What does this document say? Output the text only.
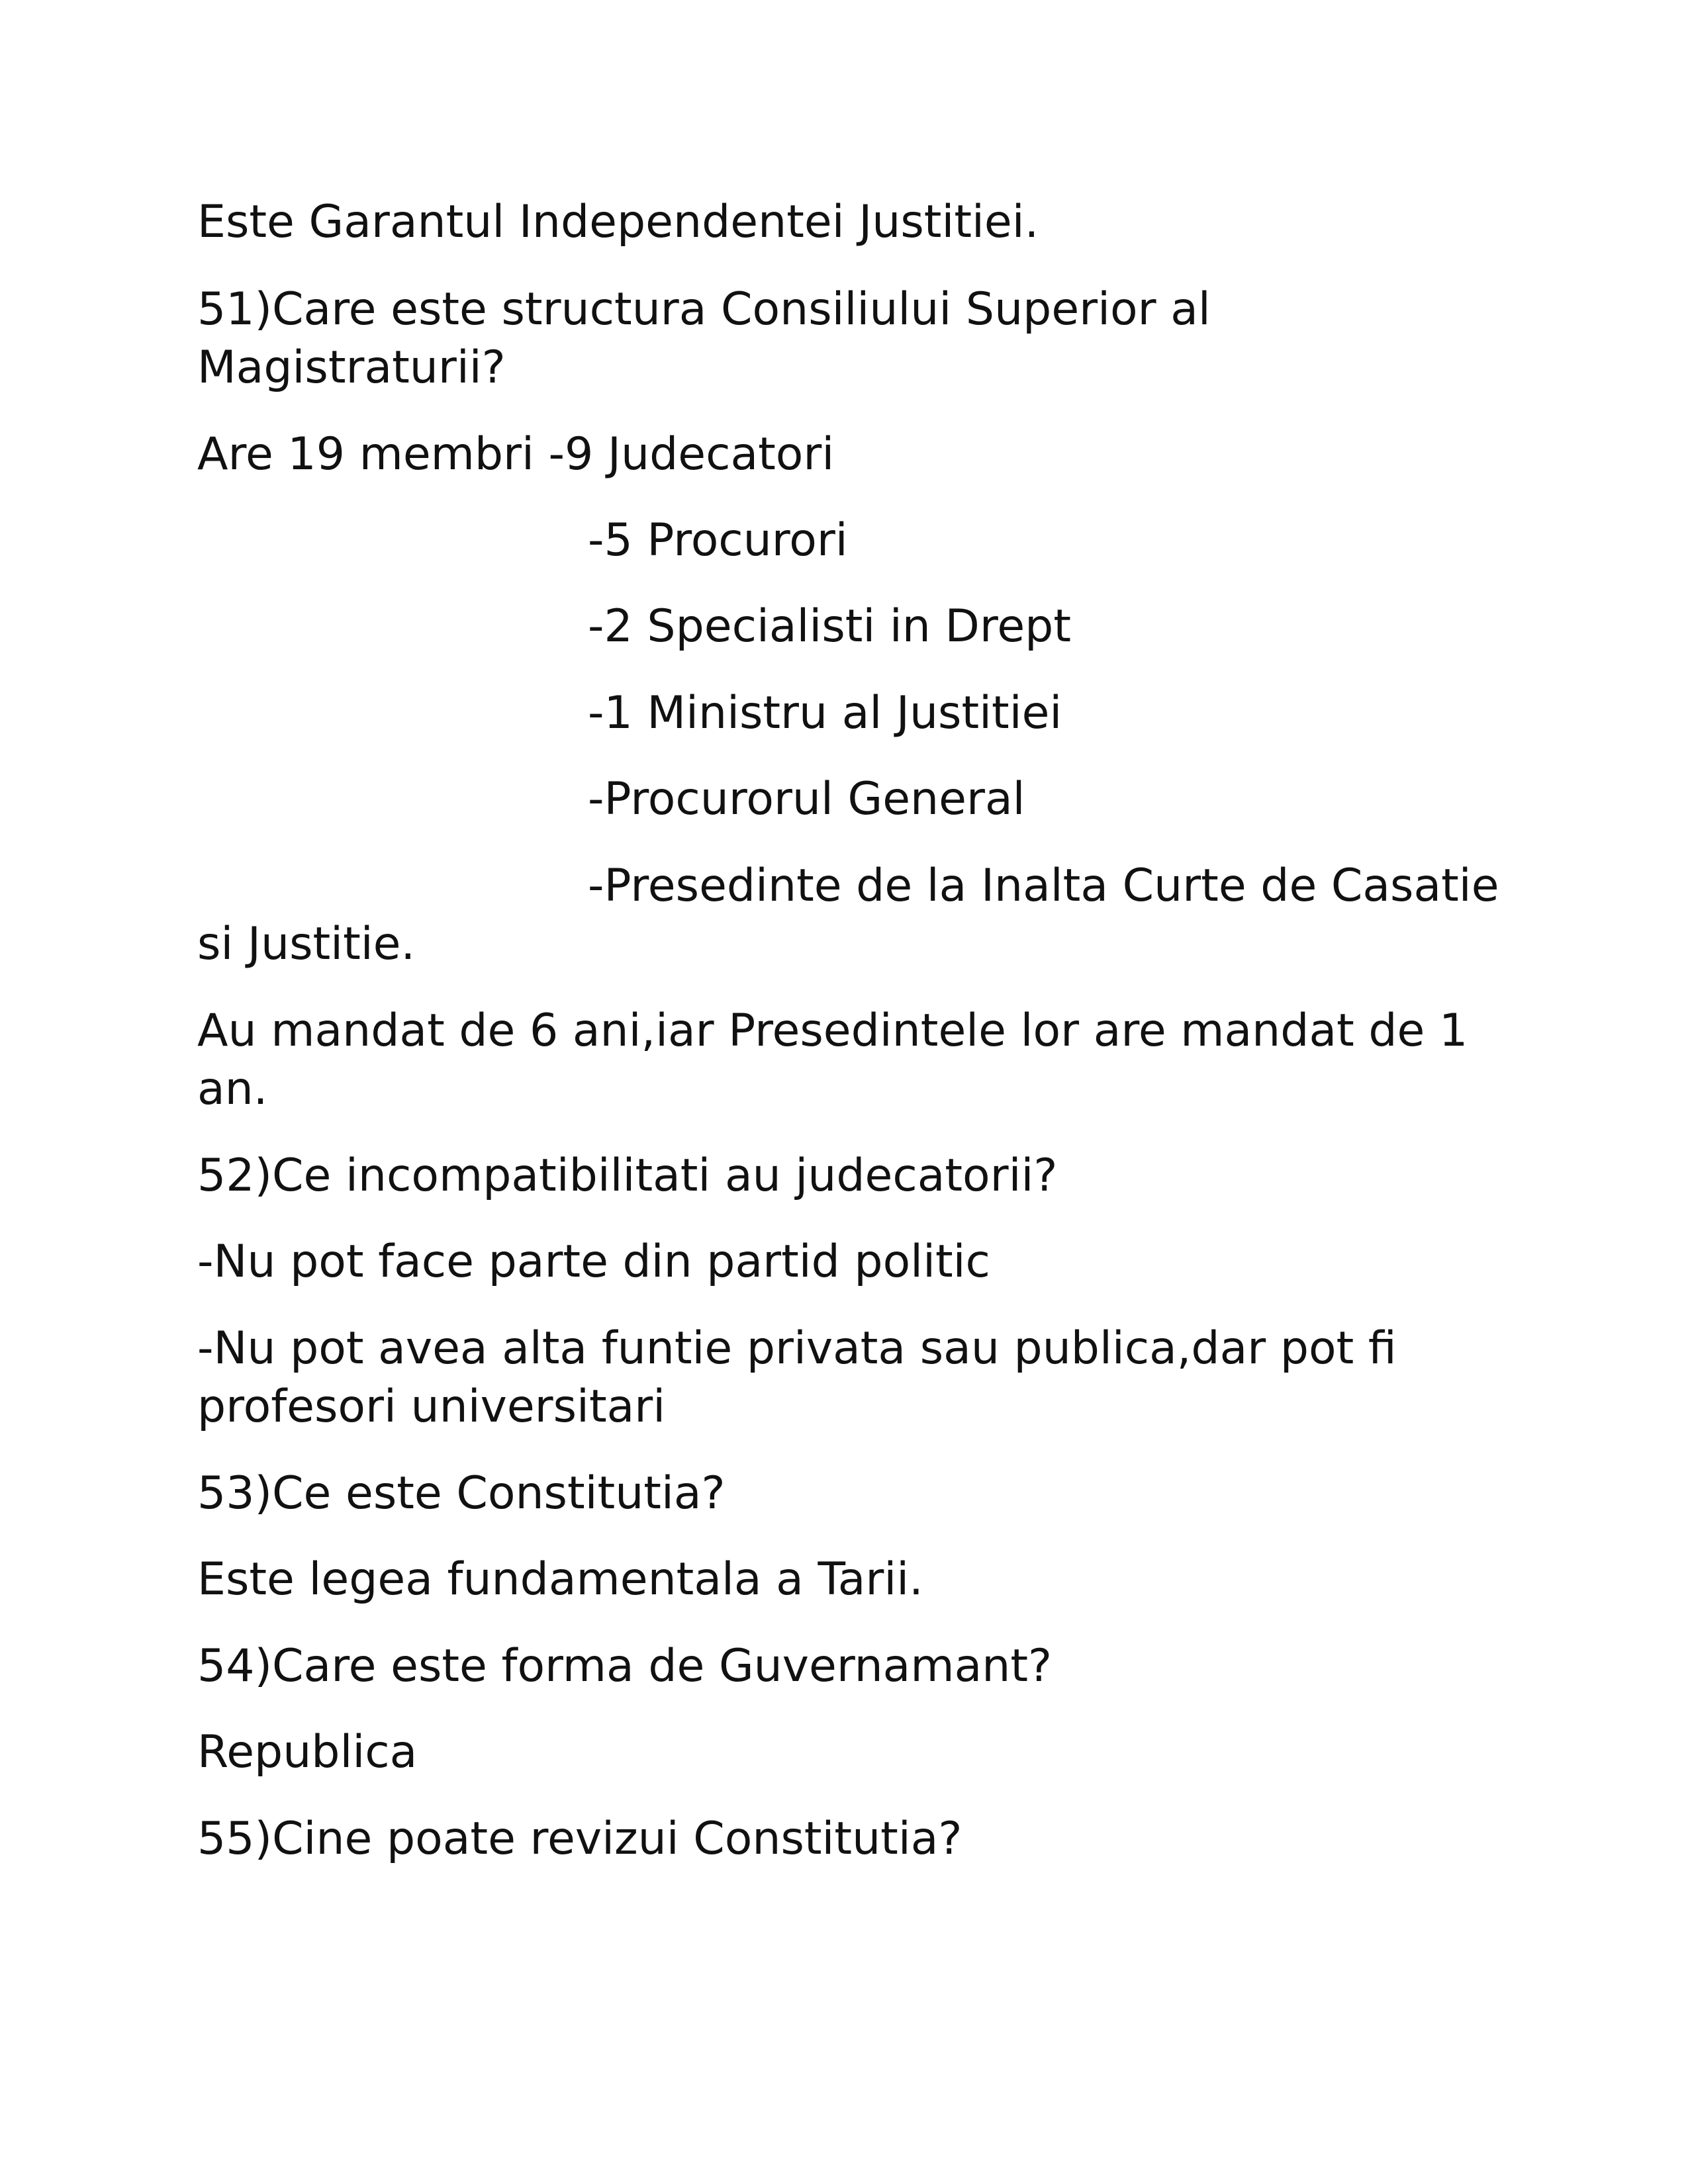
Este Garantul Independentei Justitiei.

51)Care este structura Consiliului Superior al

Magistraturii?

Are 19 membri -9 Judecatori

-5 Procurori

-2 Specialisti in Drept

-1 Ministru al Justitiei

-Procurorul General

-Presedinte de la Inalta Curte de Casatie

si Justitie.

Au mandat de 6 ani,iar Presedintele lor are mandat de 1

an.

52)Ce incompatibilitati au judecatorii?

-Nu pot face parte din partid politic

-Nu pot avea alta funtie privata sau publica,dar pot fi

profesori universitari

53)Ce este Constitutia?

Este legea fundamentala a Tarii.

54)Care este forma de Guvernamant?

Republica

55)Cine poate revizui Constitutia?
